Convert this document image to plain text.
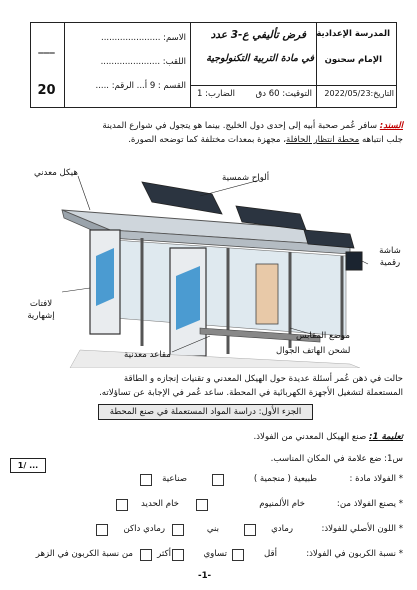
المدرسة الإعدادية
الإمام سحنون
التاريخ:2022/05/23
فرض تأليفي ع-3 عدد
في مادة التربية التكنولوجية
التوقيت: 60 دق
الضارب: 1
الاسم: ......................
اللقب: ......................
القسم : 9 أ... الرقم: .....
___
20
السند: سافر عُمر صحبة أبيه إلى إحدى دول الخليج. بينما هو يتجول في شوارع المدينة
جلب انتباهه محطة انتظار الحافلة، مجهزة بمعدات مختلفة كما توضحه الصورة.
هيكل معدني	ألواح شمسية
شاشة رقمية
لافتات إشهارية
موضع المقابس
لشحن الهاتف الجوال
مقاعد معدنية
حالت في ذهن عُمر أسئلة عديدة حول الهيكل المعدني و تقنيات إنجازه و الطاقة
المستعملة لتشغيل الأجهزة الكهربائية في المحطة. ساعد عُمر في الإجابة عن تساؤلاته.
الجزء الأول: دراسة المواد المستعملة في صنع المحطة
تعليمة 1: صنع الهيكل المعدني من الفولاذ.
س1: ضع علامة في المكان المناسب.
1/ ...
* الفولاذ مادة :
طبيعية ( منجمية )
صناعية
* يصنع الفولاذ من:
خام الألمنيوم
خام الحديد
* اللون الأصلي للفولاذ:
رمادي
بني
رمادي داكن
* نسبة الكربون في الفولاذ:
أقل
تساوي
أكثر
من نسبة الكربون في الزهر
-1-
